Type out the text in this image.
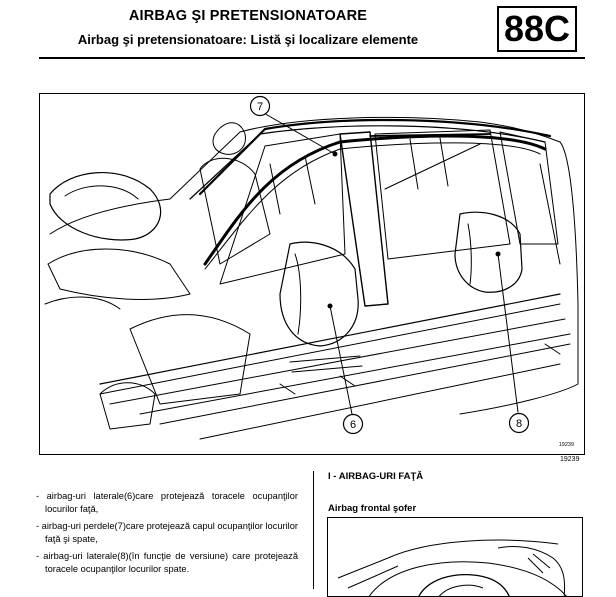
AIRBAG ŞI PRETENSIONATOARE
Airbag şi pretensionatoare: Listă şi localizare elemente	88C
7
6	8
19239
19239
- airbag-uri laterale(6)care protejează toracele ocupanţilor locurilor faţă,
- airbag-uri perdele(7)care protejează capul ocupanţilor locurilor faţă şi spate,
- airbag-uri laterale(8)(în funcţie de versiune) care protejează toracele ocupanţilor locurilor spate.
I - AIRBAG-URI FAŢĂ
Airbag frontal şofer
